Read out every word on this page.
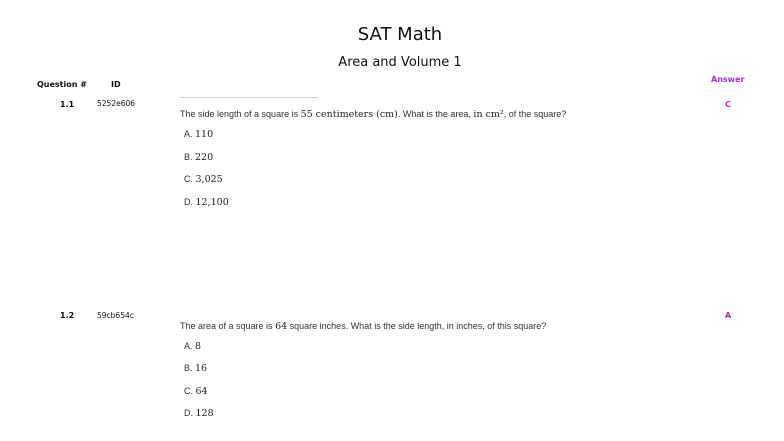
SAT Math
Area and Volume 1
Question #	ID
Answer
1.1	5252e606	C
The side length of a square is 55 centimeters (cm). What is the area, in cm², of the square?
A. 110
B. 220
C. 3,025
D. 12,100
1.2	59cb654c	A
The area of a square is 64 square inches. What is the side length, in inches, of this square?
A. 8
B. 16
C. 64
D. 128
